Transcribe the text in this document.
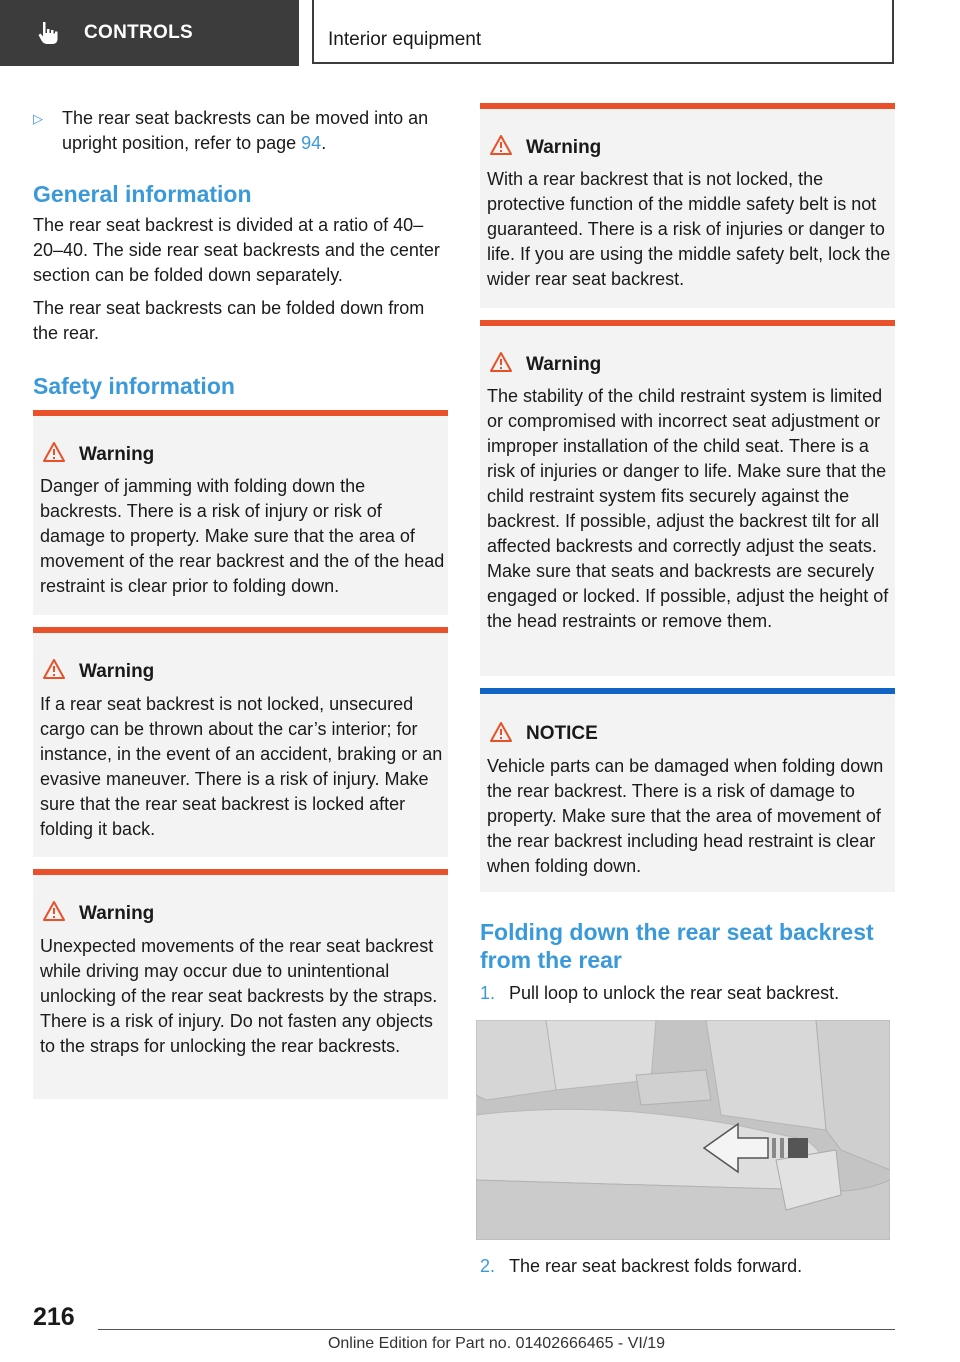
CONTROLS	Interior equipment
▷ The rear seat backrests can be moved into an upright position, refer to page 94.
General information

The rear seat backrest is divided at a ratio of 40–20–40. The side rear seat backrests and the center section can be folded down separately.

The rear seat backrests can be folded down from the rear.

Safety information
Warning
Danger of jamming with folding down the backrests. There is a risk of injury or risk of damage to property. Make sure that the area of movement of the rear backrest and the of the head restraint is clear prior to folding down.
Warning
If a rear seat backrest is not locked, unsecured cargo can be thrown about the car’s interior; for instance, in the event of an accident, braking or an evasive maneuver. There is a risk of injury. Make sure that the rear seat backrest is locked after folding it back.
Warning
Unexpected movements of the rear seat backrest while driving may occur due to unintentional unlocking of the rear seat backrests by the straps. There is a risk of injury. Do not fasten any objects to the straps for unlocking the rear backrests.
Warning
With a rear backrest that is not locked, the protective function of the middle safety belt is not guaranteed. There is a risk of injuries or danger to life. If you are using the middle safety belt, lock the wider rear seat backrest.
Warning
The stability of the child restraint system is limited or compromised with incorrect seat adjustment or improper installation of the child seat. There is a risk of injuries or danger to life. Make sure that the child restraint system fits securely against the backrest. If possible, adjust the backrest tilt for all affected backrests and correctly adjust the seats. Make sure that seats and backrests are securely engaged or locked. If possible, adjust the height of the head restraints or remove them.
NOTICE
Vehicle parts can be damaged when folding down the rear backrest. There is a risk of damage to property. Make sure that the area of movement of the rear backrest including head restraint is clear when folding down.
Folding down the rear seat backrest from the rear
1. Pull loop to unlock the rear seat backrest.
2. The rear seat backrest folds forward.
216
Online Edition for Part no. 01402666465 - VI/19
